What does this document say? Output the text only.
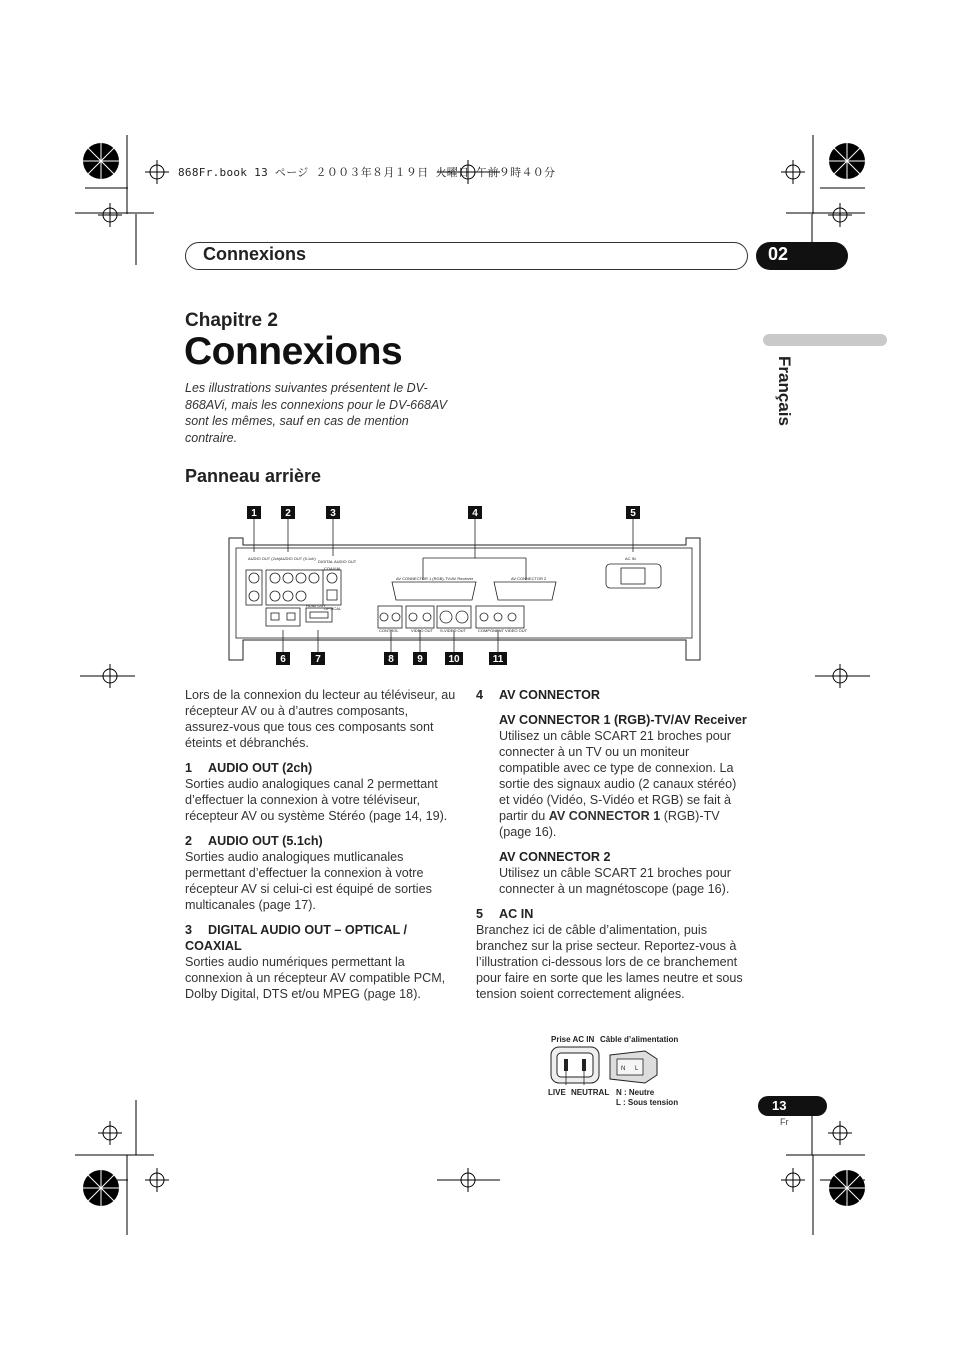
868Fr.book 13 ページ ２００３年８月１９日 火曜日 午前９時４０分
Connexions	02
Français
Chapitre 2
Connexions
Les illustrations suivantes présentent le DV-868AVi, mais les connexions pour le DV-668AV sont les mêmes, sauf en cas de mention contraire.
Panneau arrière
1	2	3	4	5
AUDIO OUT (2ch) AUDIO OUT (5.1ch)
DIGITAL AUDIO OUT
COAXIAL
OPTICAL
HDMI OUT
AV CONNECTOR 1 (RGB)-TV/AV Receiver	AV CONNECTOR 2
AC IN
CONTROL	VIDEO OUT S-VIDEO OUT	COMPONENT VIDEO OUT
6	7	8 9	10	11

Lors de la connexion du lecteur au téléviseur, au récepteur AV ou à d’autres composants, assurez-vous que tous ces composants sont éteints et débranchés.

1 AUDIO OUT (2ch)

Sorties audio analogiques canal 2 permettant d’effectuer la connexion à votre téléviseur, récepteur AV ou système Stéréo (page 14, 19).

2 AUDIO OUT (5.1ch)

Sorties audio analogiques mutlicanales permettant d’effectuer la connexion à votre récepteur AV si celui-ci est équipé de sorties multicanales (page 17).

3 DIGITAL AUDIO OUT – OPTICAL / COAXIAL

Sorties audio numériques permettant la connexion à un récepteur AV compatible PCM, Dolby Digital, DTS et/ou MPEG (page 18).

4 AV CONNECTOR

AV CONNECTOR 1 (RGB)-TV/AV Receiver

Utilisez un câble SCART 21 broches pour connecter à un TV ou un moniteur compatible avec ce type de connexion. La sortie des signaux audio (2 canaux stéréo) et vidéo (Vidéo, S-Vidéo et RGB) se fait à partir du AV CONNECTOR 1 (RGB)-TV (page 16).

AV CONNECTOR 2

Utilisez un câble SCART 21 broches pour connecter à un magnétoscope (page 16).

5 AC IN

Branchez ici de câble d’alimentation, puis branchez sur la prise secteur. Reportez-vous à l’illustration ci-dessous lors de ce branchement pour faire en sorte que les lames neutre et sous tension soient correctement alignées.

Prise AC IN Câble d’alimentation
N L
LIVE NEUTRAL N : Neutre
L : Sous tension	13
Fr
